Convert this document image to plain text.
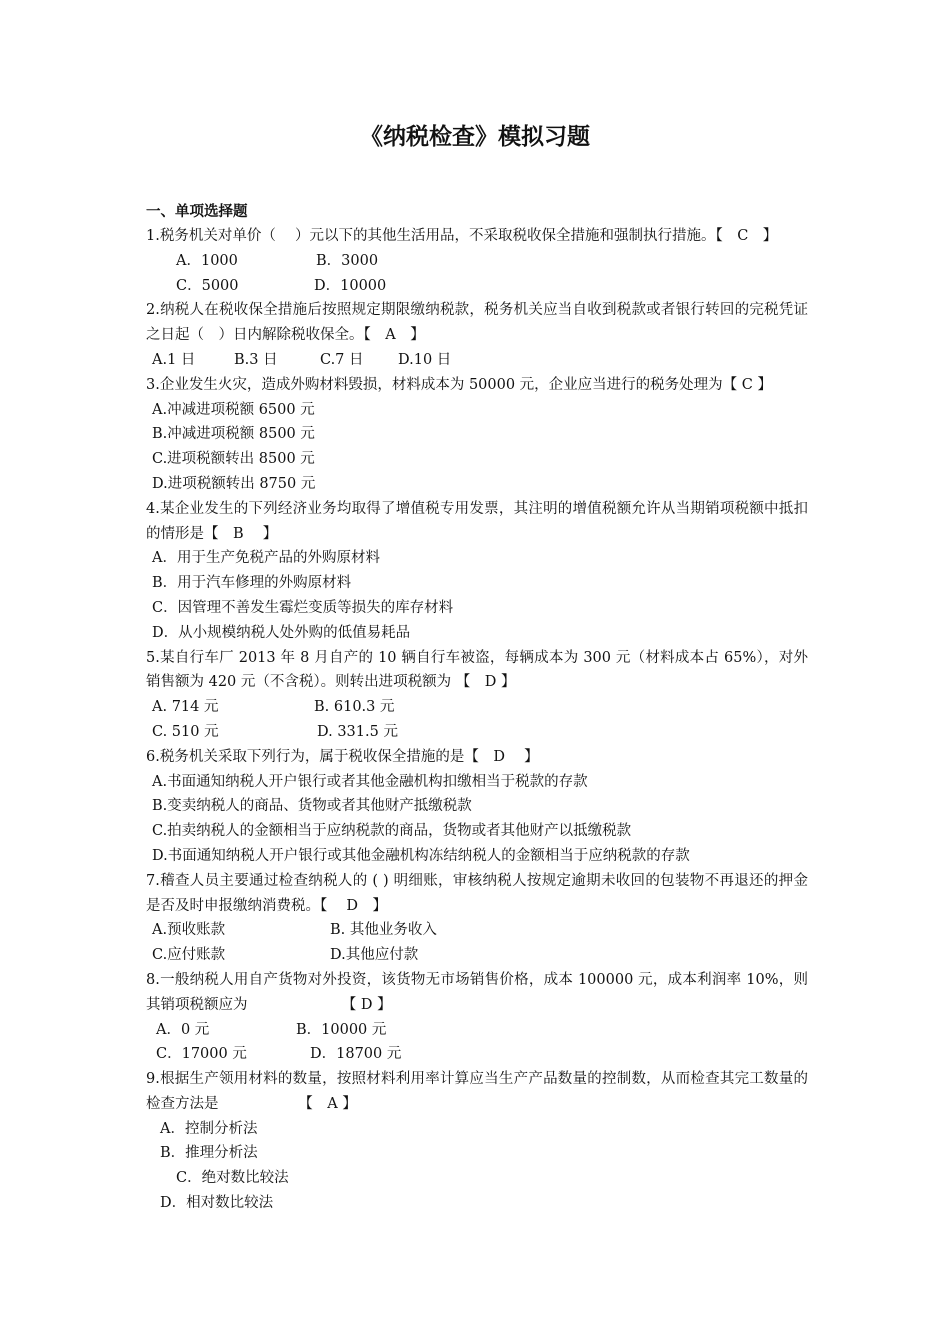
《纳税检查》模拟习题
一、单项选择题
1.税务机关对单价（　 ）元以下的其他生活用品，不采取税收保全措施和强制执行措施。【　C　】
A．1000	B．3000
C．5000	D．10000
2.纳税人在税收保全措施后按照规定期限缴纳税款，税务机关应当自收到税款或者银行转回的完税凭证之日起（　）日内解除税收保全。【　A　】
A.1 日	B.3 日	C.7 日	D.10 日
3.企业发生火灾，造成外购材料毁损，材料成本为 50000 元，企业应当进行的税务处理为【 C 】
A.冲减进项税额 6500 元
B.冲减进项税额 8500 元
C.进项税额转出 8500 元
D.进项税额转出 8750 元
4.某企业发生的下列经济业务均取得了增值税专用发票，其注明的增值税额允许从当期销项税额中抵扣的情形是【　B　 】
A．用于生产免税产品的外购原材料
B．用于汽车修理的外购原材料
C．因管理不善发生霉烂变质等损失的库存材料
D．从小规模纳税人处外购的低值易耗品
5.某自行车厂 2013 年 8 月自产的 10 辆自行车被盗，每辆成本为 300 元（材料成本占 65%），对外销售额为 420 元（不含税）。则转出进项税额为 【　D 】
A. 714 元	B. 610.3 元
C. 510 元	D. 331.5 元
6.税务机关采取下列行为，属于税收保全措施的是【　D　 】
A.书面通知纳税人开户银行或者其他金融机构扣缴相当于税款的存款
B.变卖纳税人的商品、货物或者其他财产抵缴税款
C.拍卖纳税人的金额相当于应纳税款的商品，货物或者其他财产以抵缴税款
D.书面通知纳税人开户银行或其他金融机构冻结纳税人的金额相当于应纳税款的存款
7.稽查人员主要通过检查纳税人的 ( ) 明细账，审核纳税人按规定逾期未收回的包装物不再退还的押金是否及时申报缴纳消费税。【　 D　】
A.预收账款	B. 其他业务收入
C.应付账款	D.其他应付款
8.一般纳税人用自产货物对外投资，该货物无市场销售价格，成本 100000 元，成本利润率 10%，则其销项税额应为　　　　　　　【 D 】
A．0 元	B．10000 元
C．17000 元	D．18700 元
9.根据生产领用材料的数量，按照材料利用率计算应当生产产品数量的控制数，从而检查其完工数量的检查方法是　　　　　　【　A 】
A．控制分析法
B．推理分析法
C．绝对数比较法
D．相对数比较法
